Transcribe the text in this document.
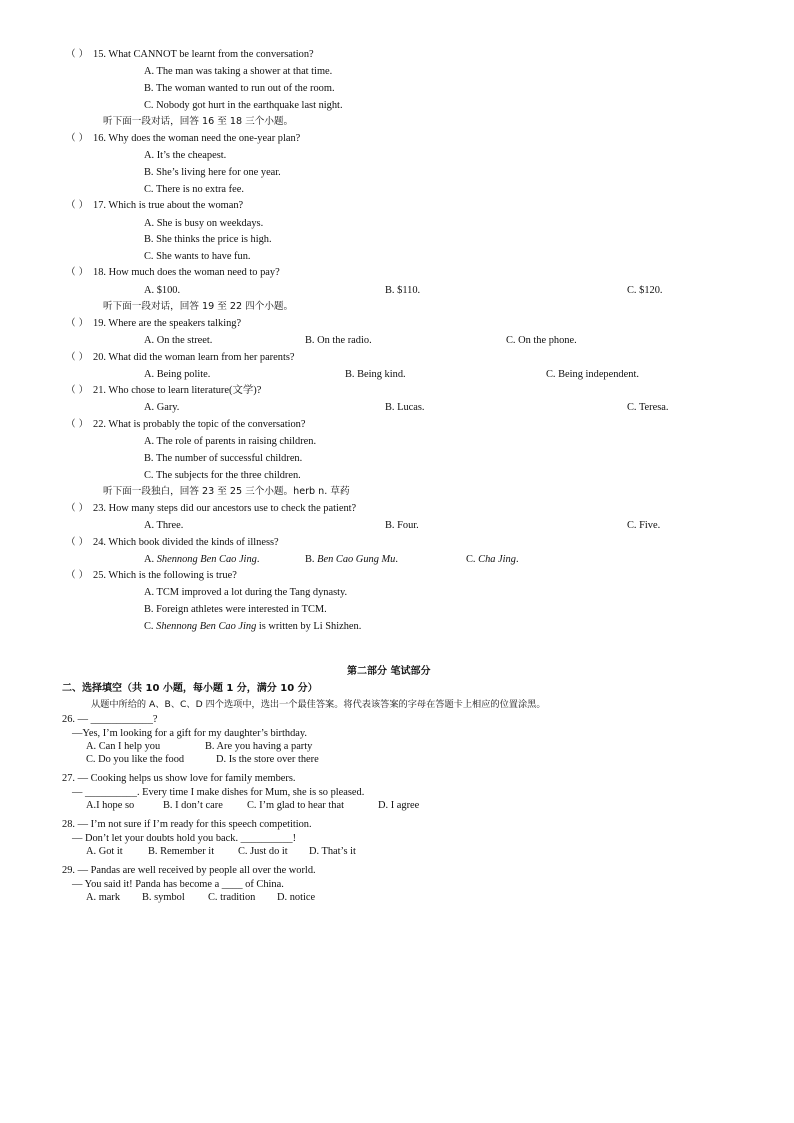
（ ） 15. What CANNOT be learnt from the conversation?
A. The man was taking a shower at that time.
B. The woman wanted to run out of the room.
C. Nobody got hurt in the earthquake last night.
听下面一段对话，回答 16 至 18 三个小题。
（ ） 16. Why does the woman need the one-year plan?
A. It’s the cheapest.
B. She’s living here for one year.
C. There is no extra fee.
（ ） 17. Which is true about the woman?
A. She is busy on weekdays.
B. She thinks the price is high.
C. She wants to have fun.
（ ） 18. How much does the woman need to pay?
A. $100.	B. $110.	C. $120.
听下面一段对话，回答 19 至 22 四个小题。
（ ） 19. Where are the speakers talking?
A. On the street.	B. On the radio.	C. On the phone.
（ ） 20. What did the woman learn from her parents?
A. Being polite.	B. Being kind.	C. Being independent.
（ ） 21. Who chose to learn literature(文学)?
A. Gary.	B. Lucas.	C. Teresa.
（ ） 22. What is probably the topic of the conversation?
A. The role of parents in raising children.
B. The number of successful children.
C. The subjects for the three children.
听下面一段独白，回答 23 至 25 三个小题。herb n. 草药
（ ） 23. How many steps did our ancestors use to check the patient?
A. Three.	B. Four.	C. Five.
（ ） 24. Which book divided the kinds of illness?
A. Shennong Ben Cao Jing.	B. Ben Cao Gung Mu.	C. Cha Jing.
（ ） 25. Which is the following is true?
A. TCM improved a lot during the Tang dynasty.
B. Foreign athletes were interested in TCM.
C. Shennong Ben Cao Jing is written by Li Shizhen.
第二部分 笔试部分
二、选择填空（共 10 小题，每小题 1 分，满分 10 分）
从题中所给的 A、B、C、D 四个选项中，选出一个最佳答案。将代表该答案的字母在答题卡上相应的位置涂黑。
26. — ____________?
—Yes, I’m looking for a gift for my daughter’s birthday.
A. Can I help you	B. Are you having a party
C. Do you like the food	D. Is the store over there
27. — Cooking helps us show love for family members.
— __________. Every time I make dishes for Mum, she is so pleased.
A.I hope so	B. I don’t care C. I’m glad to hear that	D. I agree
28. — I’m not sure if I’m ready for this speech competition.
— Don’t let your doubts hold you back. __________!
A. Got it B. Remember it C. Just do it D. That’s it
29. — Pandas are well received by people all over the world.
— You said it! Panda has become a ____ of China.
A. mark B. symbol C. tradition D. notice
